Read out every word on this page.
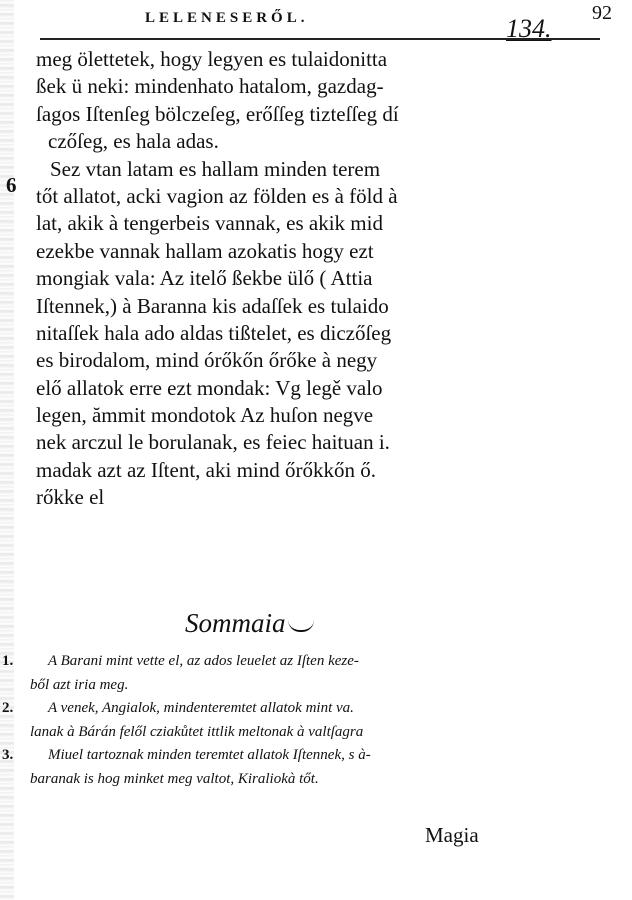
LELENESERŐL.	134.
92
6
meg ölettetek, hogy legyen es tulaidonitta
ßek ü neki: mindenhato hatalom, gazdag-
ſagos Iſtenſeg bölczeſeg, erőſſeg tizteſſeg dí
czőſeg, es hala adas.
Sez vtan latam es hallam minden terem
tőt allatot, acki vagion az földen es à föld à
lat, akik à tengerbeis vannak, es akik mid
ezekbe vannak hallam azokatis hogy ezt
mongiak vala: Az itelő ßekbe ülő ( Attia
Iſtennek,) à Baranna kis adaſſek es tulaido
nitaſſek hala ado aldas tißtelet, es diczőſeg
es birodalom, mind órőkőn őrőke à negy
elő allatok erre ezt mondak: Vg legě valo
legen, ămmit mondotok Az huſon negve
nek arczul le borulanak, es feiec haituan i.
madak azt az Iſtent, aki mind őrőkkőn ő.
rőkke el
Sommaia
1. A Barani mint vette el, az ados leuelet az Iſten keze-
ből azt iria meg.
2. A venek, Angialok, mindenteremtet allatok mint va.
lanak à Bárán felől cziakůtet ittlik meltonak à valtſagra
3. Miuel tartoznak minden teremtet allatok Iſtennek, s à-
baranak is hog minket meg valtot, Kiraliokà tőt.
Magia
